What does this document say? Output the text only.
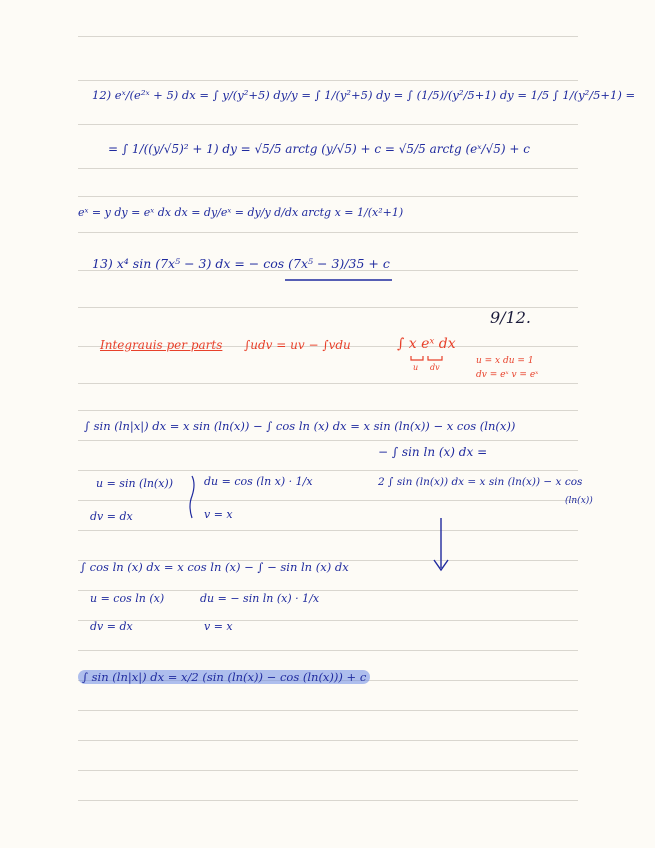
12) eˣ/(e²ˣ + 5) dx = ∫ y/(y²+5) dy/y = ∫ 1/(y²+5) dy = ∫ (1/5)/(y²/5+1) dy = 1/5 ∫ 1/(y²/5+1) =
= ∫ 1/((y/√5)² + 1) dy = √5/5 arctg (y/√5) + c = √5/5 arctg (eˣ/√5) + c
eˣ = y dy = eˣ dx dx = dy/eˣ = dy/y d/dx arctg x = 1/(x²+1)
13) x⁴ sin (7x⁵ − 3) dx = − cos (7x⁵ − 3)/35 + c
9/12.
Integrauis per parts ∫udv = uv − ∫vdu	∫ x eˣ dx
u dv
u = x du = 1
dv = eˣ v = eˣ
∫ sin (ln|x|) dx = x sin (ln(x)) − ∫ cos ln (x) dx = x sin (ln(x)) − x cos (ln(x))
− ∫ sin ln (x) dx =
u = sin (ln(x))	du = cos (ln x) · 1/x
dv = dx	v = x
2 ∫ sin (ln(x)) dx = x sin (ln(x)) − x cos
(ln(x))
∫ cos ln (x) dx = x cos ln (x) − ∫ − sin ln (x) dx
u = cos ln (x)	du = − sin ln (x) · 1/x
dv = dx	v = x
∫ sin (ln|x|) dx = x/2 (sin (ln(x)) − cos (ln(x))) + c
